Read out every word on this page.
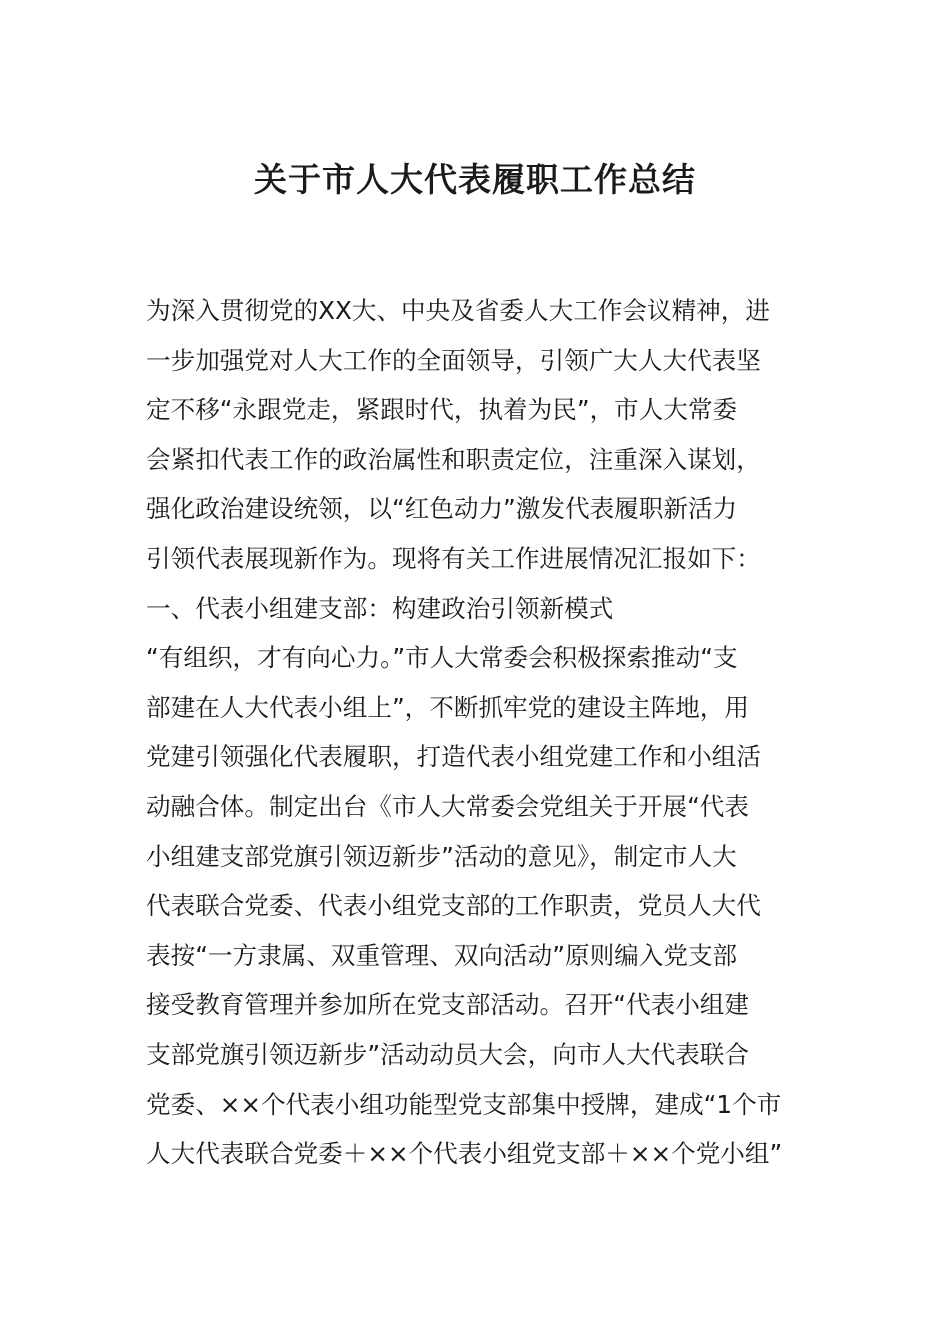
关于市人大代表履职工作总结
为深入贯彻党的XX大、中央及省委人大工作会议精神，进
一步加强党对人大工作的全面领导，引领广大人大代表坚
定不移“永跟党走，紧跟时代，执着为民”，市人大常委
会紧扣代表工作的政治属性和职责定位，注重深入谋划，
强化政治建设统领，以“红色动力”激发代表履职新活力
引领代表展现新作为。现将有关工作进展情况汇报如下：
一、代表小组建支部：构建政治引领新模式
“有组织，才有向心力。”市人大常委会积极探索推动“支
部建在人大代表小组上”，不断抓牢党的建设主阵地，用
党建引领强化代表履职，打造代表小组党建工作和小组活
动融合体。制定出台《市人大常委会党组关于开展“代表
小组建支部党旗引领迈新步”活动的意见》，制定市人大
代表联合党委、代表小组党支部的工作职责，党员人大代
表按“一方隶属、双重管理、双向活动”原则编入党支部
接受教育管理并参加所在党支部活动。召开“代表小组建
支部党旗引领迈新步”活动动员大会，向市人大代表联合
党委、××个代表小组功能型党支部集中授牌，建成“1个市
人大代表联合党委＋××个代表小组党支部＋××个党小组”
